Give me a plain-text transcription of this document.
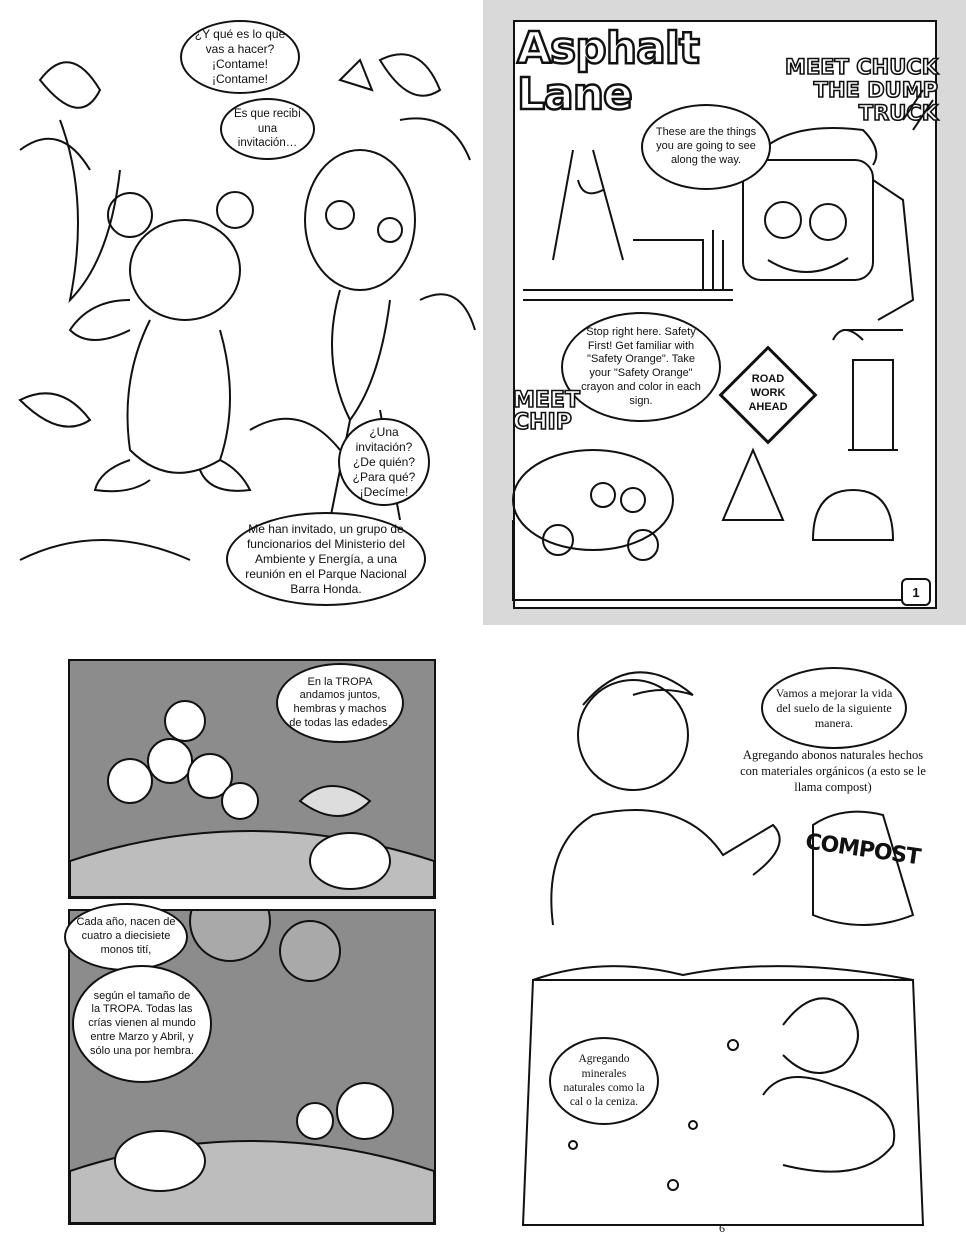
¿Y qué es lo que vas a hacer? ¡Contame! ¡Contame!
Es que recibí una invitación…
¿Una invitación? ¿De quién? ¿Para qué? ¡Decíme!
Me han invitado, un grupo de funcionarios del Ministerio del Ambiente y Energía, a una reunión en el Parque Nacional Barra Honda.
Asphalt
Lane
MEET CHUCK
THE DUMP TRUCK
These are the things you are going to see along the way.
Stop right here. Safety First! Get familiar with "Safety Orange". Take your "Safety Orange" crayon and color in each sign.
MEET
CHIP
ROAD
WORK
AHEAD
1
En la TROPA andamos juntos, hembras y machos de todas las edades.
Cada año, nacen de cuatro a diecisiete monos tití,
según el tamaño de la TROPA. Todas las crías vienen al mundo entre Marzo y Abril, y sólo una por hembra.
Vamos a mejorar la vida del suelo de la siguiente manera.
Agregando abonos naturales hechos con materiales orgánicos (a esto se le llama compost)
COMPOST
Agregando minerales naturales como la cal o la ceniza.
6
